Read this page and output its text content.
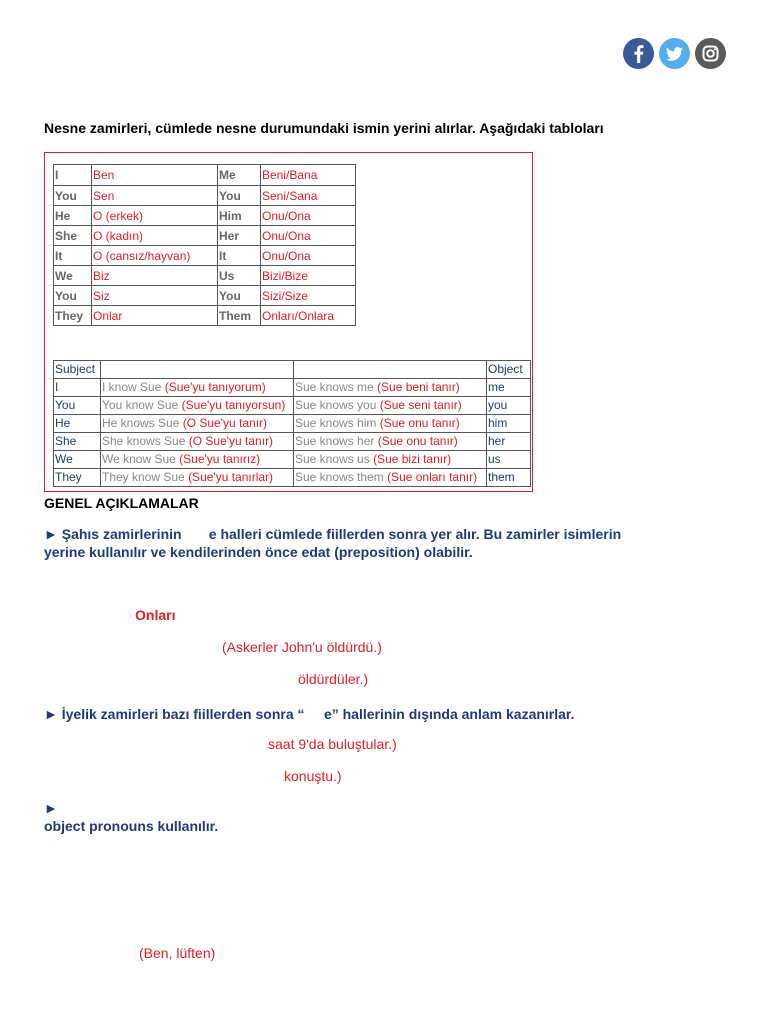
Nesne zamirleri, cümlede nesne durumundaki ismin yerini alırlar. Aşağıdaki tabloları
I	Ben	Me	Beni/Bana
You	Sen	You	Seni/Sana
He	O (erkek)	Him	Onu/Ona
She	O (kadın)	Her	Onu/Ona
It	O (cansız/hayvan)	It	Onu/Ona
We	Biz	Us	Bizi/Bize
You	Siz	You	Sizi/Size
They	Onlar	Them	Onları/Onlara
Subject			Object
I	I know Sue (Sue'yu tanıyorum)	Sue knows me (Sue beni tanır)	me
You	You know Sue (Sue'yu tanıyorsun)	Sue knows you (Sue seni tanır)	you
He	He knows Sue (O Sue'yu tanır)	Sue knows him (Sue onu tanır)	him
She	She knows Sue (O Sue'yu tanır)	Sue knows her (Sue onu tanır)	her
We	We know Sue (Sue'yu tanırız)	Sue knows us (Sue bizi tanır)	us
They	They know Sue (Sue'yu tanırlar)	Sue knows them (Sue onları tanır)	them
GENEL AÇIKLAMALAR
► Şahıs zamirlerinin       e halleri cümlede fiillerden sonra yer alır. Bu zamirler isimlerin
yerine kullanılır ve kendilerinden önce edat (preposition) olabilir.
Onları
(Askerler John'u öldürdü.)
öldürdüler.)
► İyelik zamirleri bazı fiillerden sonra “     e” hallerinin dışında anlam kazanırlar.
saat 9'da buluştular.)
konuştu.)
►
object pronouns kullanılır.
(Ben, lüften)
